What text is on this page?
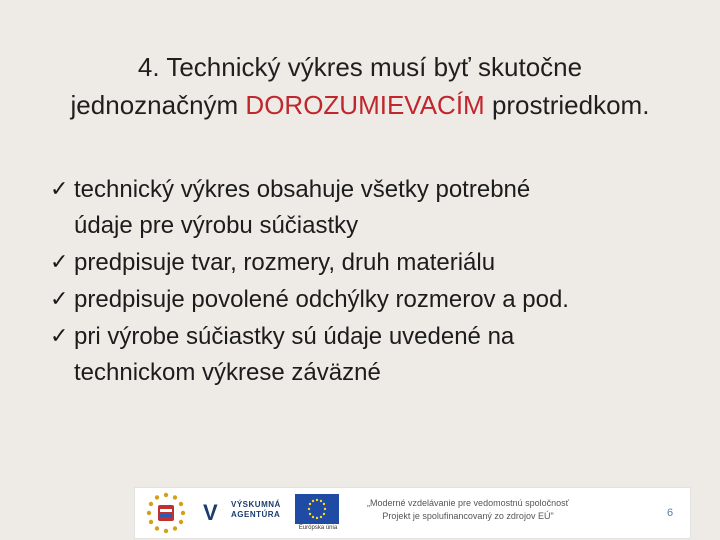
4. Technický výkres musí byť skutočne
jednoznačným DOROZUMIEVACÍM prostriedkom.
✓ technický výkres obsahuje všetky potrebné
údaje pre výrobu súčiastky
✓ predpisuje tvar, rozmery, druh materiálu
✓ predpisuje povolené odchýlky rozmerov a pod.
✓ pri výrobe súčiastky sú údaje uvedené na
technickom výkrese záväzné
V VÝSKUMNÁ
AGENTÚRA
Európska únia
„Moderné vzdelávanie pre vedomostnú spoločnosť
Projekt je spolufinancovaný zo zdrojov EÚ"	6
